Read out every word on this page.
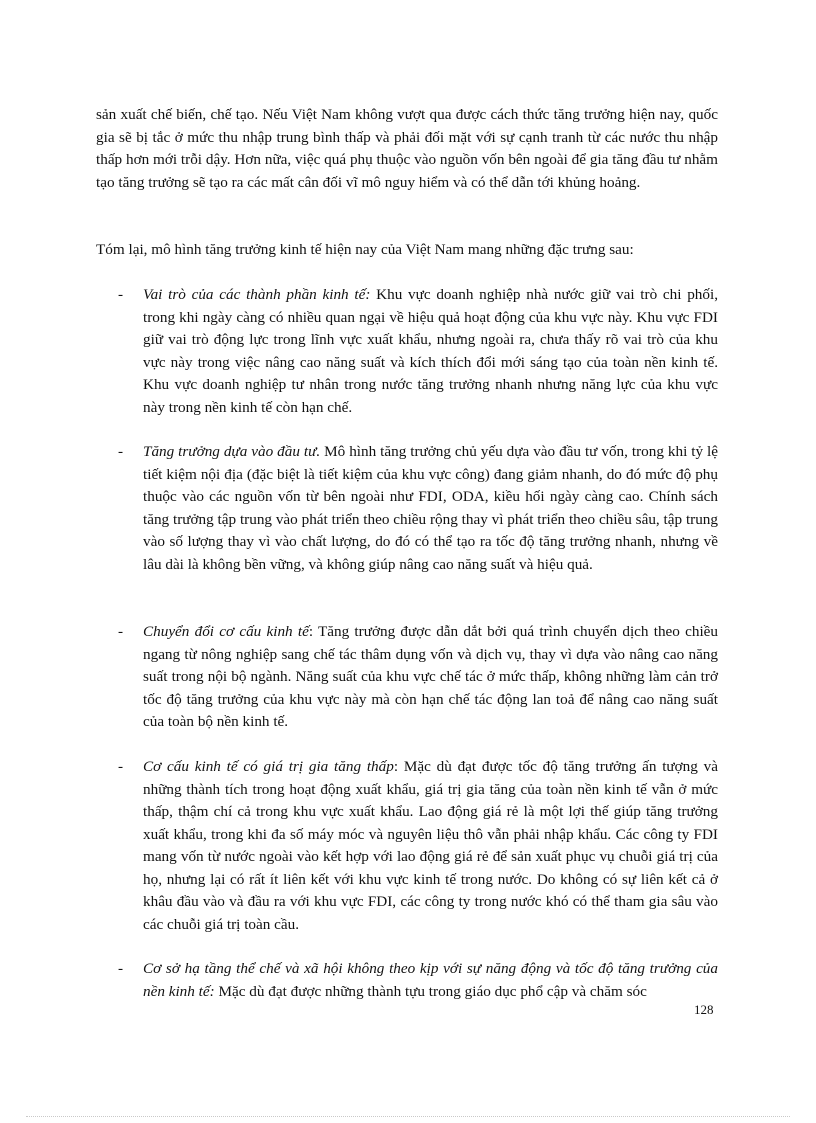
sản xuất chế biến, chế tạo. Nếu Việt Nam không vượt qua được cách thức tăng trưởng hiện nay, quốc gia sẽ bị tắc ở mức thu nhập trung bình thấp và phải đối mặt với sự cạnh tranh từ các nước thu nhập thấp hơn mới trỗi dậy. Hơn nữa, việc quá phụ thuộc vào nguồn vốn bên ngoài để gia tăng đầu tư nhằm tạo tăng trưởng sẽ tạo ra các mất cân đối vĩ mô nguy hiểm và có thể dẫn tới khủng hoảng.
Tóm lại, mô hình tăng trưởng kinh tế hiện nay của Việt Nam mang những đặc trưng sau:
- Vai trò của các thành phần kinh tế: Khu vực doanh nghiệp nhà nước giữ vai trò chi phối, trong khi ngày càng có nhiều quan ngại về hiệu quả hoạt động của khu vực này. Khu vực FDI giữ vai trò động lực trong lĩnh vực xuất khẩu, nhưng ngoài ra, chưa thấy rõ vai trò của khu vực này trong việc nâng cao năng suất và kích thích đổi mới sáng tạo của toàn nền kinh tế. Khu vực doanh nghiệp tư nhân trong nước tăng trưởng nhanh nhưng năng lực của khu vực này trong nền kinh tế còn hạn chế.
- Tăng trưởng dựa vào đầu tư. Mô hình tăng trưởng chủ yếu dựa vào đầu tư vốn, trong khi tỷ lệ tiết kiệm nội địa (đặc biệt là tiết kiệm của khu vực công) đang giảm nhanh, do đó mức độ phụ thuộc vào các nguồn vốn từ bên ngoài như FDI, ODA, kiều hối ngày càng cao. Chính sách tăng trưởng tập trung vào phát triển theo chiều rộng thay vì phát triển theo chiều sâu, tập trung vào số lượng thay vì vào chất lượng, do đó có thể tạo ra tốc độ tăng trưởng nhanh, nhưng về lâu dài là không bền vững, và không giúp nâng cao năng suất và hiệu quả.
- Chuyển đổi cơ cấu kinh tế: Tăng trưởng được dẫn dắt bởi quá trình chuyển dịch theo chiều ngang từ nông nghiệp sang chế tác thâm dụng vốn và dịch vụ, thay vì dựa vào nâng cao năng suất trong nội bộ ngành. Năng suất của khu vực chế tác ở mức thấp, không những làm cản trở tốc độ tăng trưởng của khu vực này mà còn hạn chế tác động lan toả để nâng cao năng suất của toàn bộ nền kinh tế.
- Cơ cấu kinh tế có giá trị gia tăng thấp: Mặc dù đạt được tốc độ tăng trưởng ấn tượng và những thành tích trong hoạt động xuất khẩu, giá trị gia tăng của toàn nền kinh tế vẫn ở mức thấp, thậm chí cả trong khu vực xuất khẩu. Lao động giá rẻ là một lợi thế giúp tăng trưởng xuất khẩu, trong khi đa số máy móc và nguyên liệu thô vẫn phải nhập khẩu. Các công ty FDI mang vốn từ nước ngoài vào kết hợp với lao động giá rẻ để sản xuất phục vụ chuỗi giá trị của họ, nhưng lại có rất ít liên kết với khu vực kinh tế trong nước. Do không có sự liên kết cả ở khâu đầu vào và đầu ra với khu vực FDI, các công ty trong nước khó có thể tham gia sâu vào các chuỗi giá trị toàn cầu.
- Cơ sở hạ tầng thể chế và xã hội không theo kịp với sự năng động và tốc độ tăng trưởng của nền kinh tế: Mặc dù đạt được những thành tựu trong giáo dục phổ cập và chăm sóc
128
